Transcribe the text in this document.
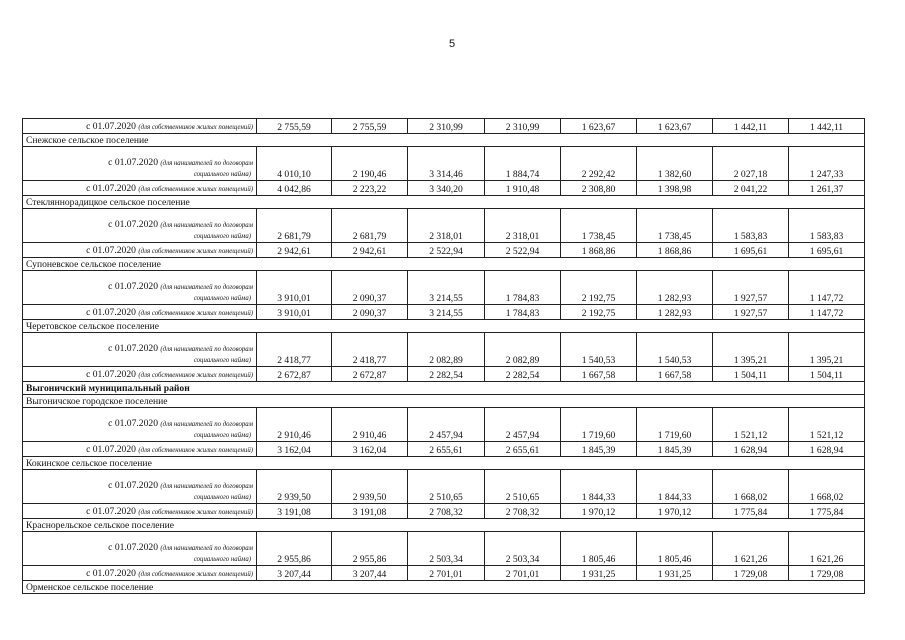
5
с 01.07.2020 (для собственников жилых помещений)	2 755,59	2 755,59	2 310,99	2 310,99	1 623,67	1 623,67	1 442,11	1 442,11
Снежское сельское поселение								

с 01.07.2020 (для нанимателей по договорам
социального найма)	4 010,10	2 190,46	3 314,46	1 884,74	2 292,42	1 382,60	2 027,18	1 247,33
с 01.07.2020 (для собственников жилых помещений)	4 042,86	2 223,22	3 340,20	1 910,48	2 308,80	1 398,98	2 041,22	1 261,37
Стекляннорадицкое сельское поселение								

с 01.07.2020 (для нанимателей по договорам
социального найма)	2 681,79	2 681,79	2 318,01	2 318,01	1 738,45	1 738,45	1 583,83	1 583,83
с 01.07.2020 (для собственников жилых помещений)	2 942,61	2 942,61	2 522,94	2 522,94	1 868,86	1 868,86	1 695,61	1 695,61
Супоневское сельское поселение								

с 01.07.2020 (для нанимателей по договорам
социального найма)	3 910,01	2 090,37	3 214,55	1 784,83	2 192,75	1 282,93	1 927,57	1 147,72
с 01.07.2020 (для собственников жилых помещений)	3 910,01	2 090,37	3 214,55	1 784,83	2 192,75	1 282,93	1 927,57	1 147,72
Черетовское сельское поселение								

с 01.07.2020 (для нанимателей по договорам
социального найма)	2 418,77	2 418,77	2 082,89	2 082,89	1 540,53	1 540,53	1 395,21	1 395,21
с 01.07.2020 (для собственников жилых помещений)	2 672,87	2 672,87	2 282,54	2 282,54	1 667,58	1 667,58	1 504,11	1 504,11
Выгоничский муниципальный район								
Выгоничское городское поселение								

с 01.07.2020 (для нанимателей по договорам
социального найма)	2 910,46	2 910,46	2 457,94	2 457,94	1 719,60	1 719,60	1 521,12	1 521,12
с 01.07.2020 (для собственников жилых помещений)	3 162,04	3 162,04	2 655,61	2 655,61	1 845,39	1 845,39	1 628,94	1 628,94
Кокинское сельское поселение								

с 01.07.2020 (для нанимателей по договорам
социального найма)	2 939,50	2 939,50	2 510,65	2 510,65	1 844,33	1 844,33	1 668,02	1 668,02
с 01.07.2020 (для собственников жилых помещений)	3 191,08	3 191,08	2 708,32	2 708,32	1 970,12	1 970,12	1 775,84	1 775,84
Краснорельское сельское поселение								

с 01.07.2020 (для нанимателей по договорам
социального найма)	2 955,86	2 955,86	2 503,34	2 503,34	1 805,46	1 805,46	1 621,26	1 621,26
с 01.07.2020 (для собственников жилых помещений)	3 207,44	3 207,44	2 701,01	2 701,01	1 931,25	1 931,25	1 729,08	1 729,08
Орменское сельское поселение								
